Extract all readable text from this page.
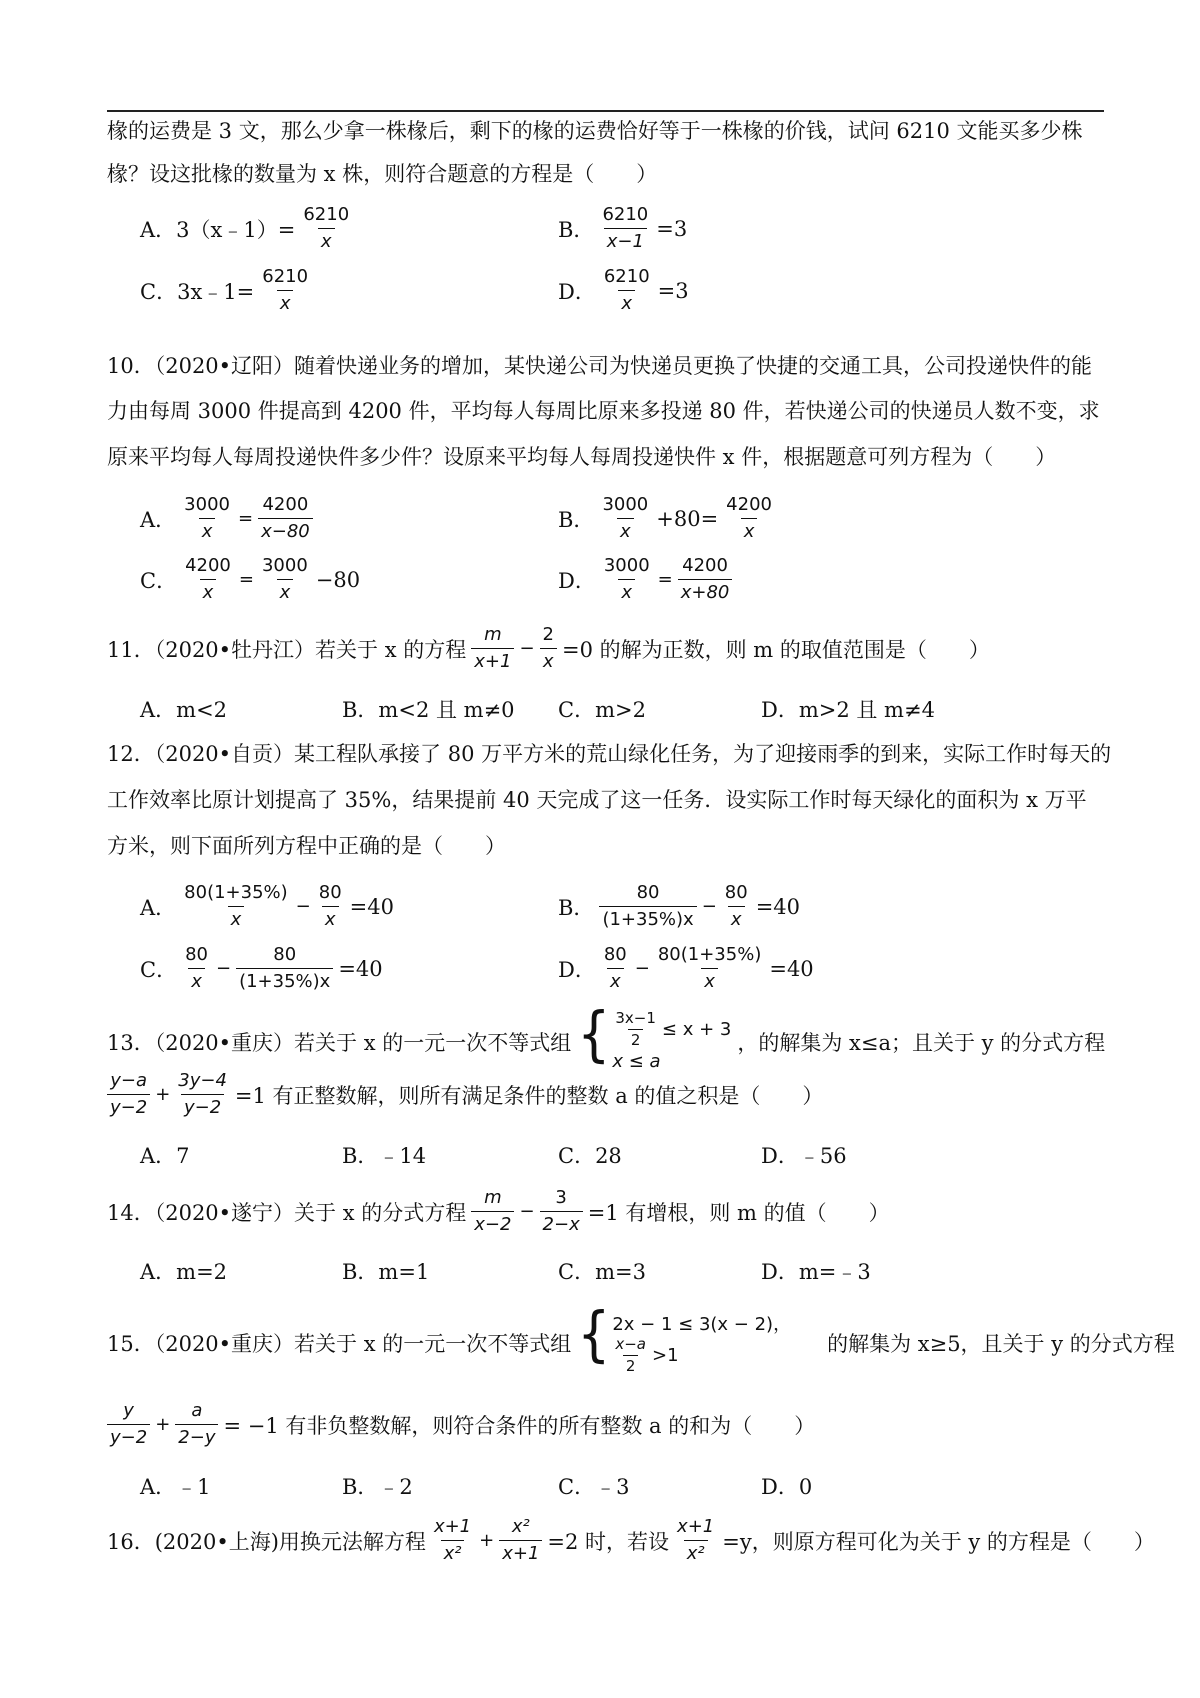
椽的运费是 3 文，那么少拿一株椽后，剩下的椽的运费恰好等于一株椽的价钱，试问 6210 文能买多少株
椽？设这批椽的数量为 x 株，则符合题意的方程是（　　）
A． 3（x﹣1）= $\frac{6210}{x}$	B． $\frac{6210}{x-1} =3$
C． 3x﹣1= $\frac{6210}{x}$	D． $\frac{6210}{x} =3$
10．（2020•辽阳）随着快递业务的增加，某快递公司为快递员更换了快捷的交通工具，公司投递快件的能
力由每周 3000 件提高到 4200 件，平均每人每周比原来多投递 80 件，若快递公司的快递员人数不变，求
原来平均每人每周投递快件多少件？设原来平均每人每周投递快件 x 件，根据题意可列方程为（　　）
A． $\frac{3000}{x} = \frac{4200}{x-80}$	B． $\frac{3000}{x} +80= \frac{4200}{x}$
C． $\frac{4200}{x} = \frac{3000}{x} -80$	D． $\frac{3000}{x} = \frac{4200}{x+80}$
11．（2020•牡丹江）若关于 x 的方程 $\frac{m}{x+1} - \frac{2}{x} =0$ 的解为正数，则 m 的取值范围是（　　）
A．m<2	B．m<2 且 m≠0 C．m>2	D．m>2 且 m≠4
12．（2020•自贡）某工程队承接了 80 万平方米的荒山绿化任务，为了迎接雨季的到来，实际工作时每天的
工作效率比原计划提高了 35%，结果提前 40 天完成了这一任务．设实际工作时每天绿化的面积为 x 万平
方米，则下面所列方程中正确的是（　　）
A． $\frac{80(1+35\%)}{x} - \frac{80}{x} =40$	B． $\frac{80}{(1+35\%)x} - \frac{80}{x} =40$
C． $\frac{80}{x} - \frac{80}{(1+35\%)x} =40$	D． $\frac{80}{x} - \frac{80(1+35\%)}{x} =40$
13．（2020•重庆）若关于 x 的一元一次不等式组 { $\frac{3x-1}{2} \le x + 3$
x ≤ a
，的解集为 x≤a；且关于 y 的分式方程
$\frac{y-a}{y-2} + \frac{3y-4}{y-2} =1$ 有正整数解，则所有满足条件的整数 a 的值之积是（　　）
A．7	B．﹣14	C．28	D．﹣56
14．（2020•遂宁）关于 x 的分式方程 $\frac{m}{x-2} - \frac{3}{2-x} =1$ 有增根，则 m 的值（　　）
A．m=2	B．m=1	C．m=3	D．m=﹣3
15．（2020•重庆）若关于 x 的一元一次不等式组 { 2x − 1 ≤ 3(x − 2)，
$\frac{x-a}{2} >1$	的解集为 x≥5，且关于 y 的分式方程
$\frac{y}{y-2} + \frac{a}{2-y} = -1$ 有非负整数解，则符合条件的所有整数 a 的和为（　　）
A．﹣1	B．﹣2	C．﹣3	D．0
16．(2020•上海)用换元法解方程 $\frac{x+1}{\text{x²}} + \frac{\text{x²}}{x+1} =2$ 时，若设 $\frac{x+1}{\text{x²}} =y$，则原方程可化为关于 y 的方程是（　　）
